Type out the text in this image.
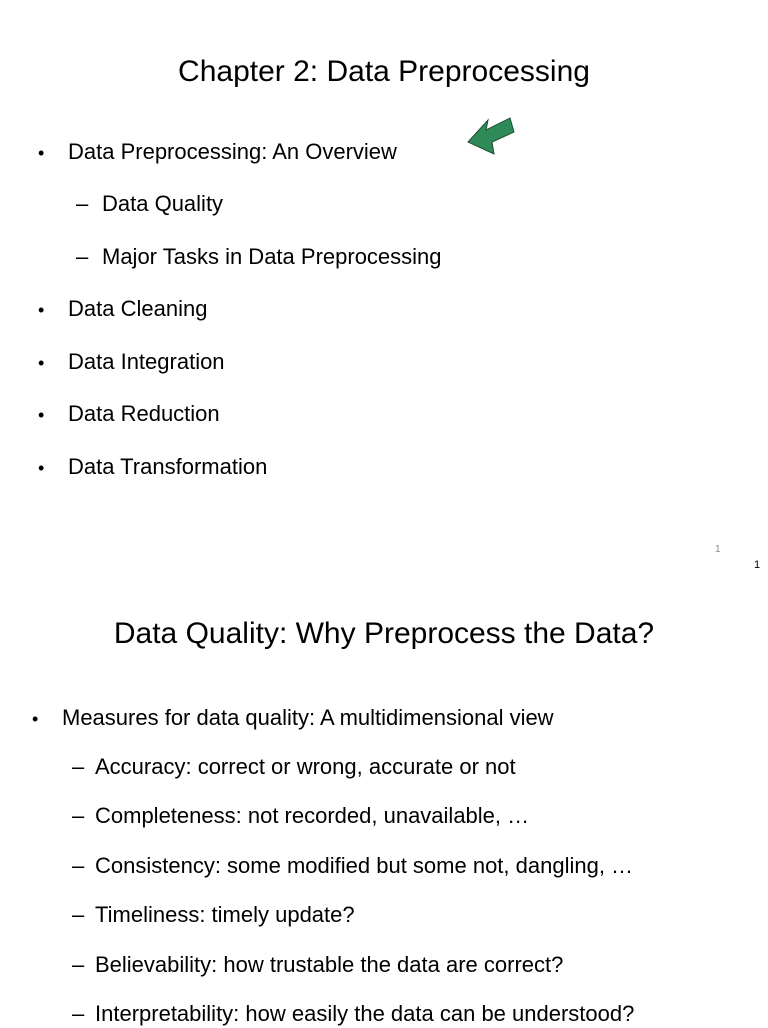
Chapter 2: Data Preprocessing
• Data Preprocessing: An Overview
– Data Quality
– Major Tasks in Data Preprocessing
• Data Cleaning
• Data Integration
• Data Reduction
• Data Transformation
1
1
Data Quality: Why Preprocess the Data?
• Measures for data quality: A multidimensional view
– Accuracy: correct or wrong, accurate or not
– Completeness: not recorded, unavailable, …
– Consistency: some modified but some not, dangling, …
– Timeliness: timely update?
– Believability: how trustable the data are correct?
– Interpretability: how easily the data can be understood?
